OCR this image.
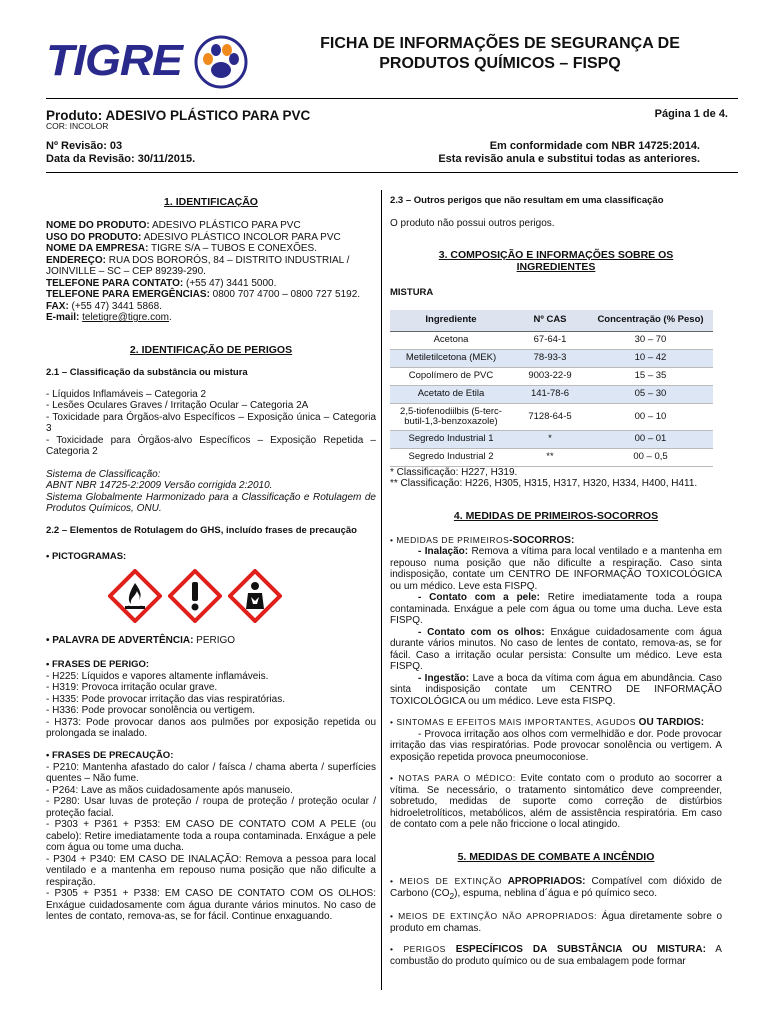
TIGRE	FICHA DE INFORMAÇÕES DE SEGURANÇA DE
PRODUTOS QUÍMICOS – FISPQ
Produto: ADESIVO PLÁSTICO PARA PVC
COR: INCOLOR
Página 1 de 4.
Nº Revisão: 03
Data da Revisão: 30/11/2015.
Em conformidade com NBR 14725:2014.
Esta revisão anula e substitui todas as anteriores.
1. IDENTIFICAÇÃO

NOME DO PRODUTO: ADESIVO PLÁSTICO PARA PVC

USO DO PRODUTO: ADESIVO PLÁSTICO INCOLOR PARA PVC

NOME DA EMPRESA: TIGRE S/A – TUBOS E CONEXÕES.

ENDEREÇO: RUA DOS BORORÓS, 84 – DISTRITO INDUSTRIAL / JOINVILLE – SC – CEP 89239-290.

TELEFONE PARA CONTATO: (+55 47) 3441 5000.

TELEFONE PARA EMERGÊNCIAS: 0800 707 4700 – 0800 727 5192.

FAX: (+55 47) 3441 5868.

E-mail: teletigre@tigre.com.

2. IDENTIFICAÇÃO DE PERIGOS
2.1 – Classificação da substância ou mistura

- Líquidos Inflamáveis – Categoria 2

- Lesões Oculares Graves / Irritação Ocular – Categoria 2A

- Toxicidade para Órgãos-alvo Específicos – Exposição única – Categoria 3

- Toxicidade para Órgãos-alvo Específicos – Exposição Repetida – Categoria 2

Sistema de Classificação:

ABNT NBR 14725-2:2009 Versão corrigida 2:2010.

Sistema Globalmente Harmonizado para a Classificação e Rotulagem de Produtos Químicos, ONU.

2.2 – Elementos de Rotulagem do GHS, incluído frases de precaução
• PICTOGRAMAS:

• PALAVRA DE ADVERTÊNCIA: PERIGO

• FRASES DE PERIGO:

- H225: Líquidos e vapores altamente inflamáveis.

- H319: Provoca irritação ocular grave.

- H335: Pode provocar irritação das vias respiratórias.

- H336: Pode provocar sonolência ou vertigem.

- H373: Pode provocar danos aos pulmões por exposição repetida ou prolongada se inalado.

• FRASES DE PRECAUÇÃO:

- P210: Mantenha afastado do calor / faísca / chama aberta / superfícies quentes – Não fume.

- P264: Lave as mãos cuidadosamente após manuseio.

- P280: Usar luvas de proteção / roupa de proteção / proteção ocular / proteção facial.

- P303 + P361 + P353: EM CASO DE CONTATO COM A PELE (ou cabelo): Retire imediatamente toda a roupa contaminada. Enxágue a pele com água ou tome uma ducha.

- P304 + P340: EM CASO DE INALAÇÃO: Remova a pessoa para local ventilado e a mantenha em repouso numa posição que não dificulte a respiração.

- P305 + P351 + P338: EM CASO DE CONTATO COM OS OLHOS: Enxágue cuidadosamente com água durante vários minutos. No caso de lentes de contato, remova-as, se for fácil. Continue enxaguando.

2.3 – Outros perigos que não resultam em uma classificação

O produto não possui outros perigos.

3. COMPOSIÇÃO E INFORMAÇÕES SOBRE OS
INGREDIENTES
MISTURA
Ingrediente	Nº CAS	Concentração (% Peso)
Acetona	67-64-1	30 – 70
Metiletilcetona (MEK)	78-93-3	10 – 42
Copolímero de PVC	9003-22-9	15 – 35
Acetato de Etila	141-78-6	05 – 30
2,5-tiofenodiilbis (5-terc-butil-1,3-benzoxazole)	7128-64-5	00 – 10
Segredo Industrial 1	*	00 – 01
Segredo Industrial 2	**	00 – 0,5

* Classificação: H227, H319.

** Classificação: H226, H305, H315, H317, H320, H334, H400, H411.

4. MEDIDAS DE PRIMEIROS-SOCORROS

• MEDIDAS DE PRIMEIROS-SOCORROS:

- Inalação: Remova a vítima para local ventilado e a mantenha em repouso numa posição que não dificulte a respiração. Caso sinta indisposição, contate um CENTRO DE INFORMAÇÃO TOXICOLÓGICA ou um médico. Leve esta FISPQ.

- Contato com a pele: Retire imediatamente toda a roupa contaminada. Enxágue a pele com água ou tome uma ducha. Leve esta FISPQ.

- Contato com os olhos: Enxágue cuidadosamente com água durante vários minutos. No caso de lentes de contato, remova-as, se for fácil. Caso a irritação ocular persista: Consulte um médico. Leve esta FISPQ.

- Ingestão: Lave a boca da vítima com água em abundância. Caso sinta indisposição contate um CENTRO DE INFORMAÇÃO TOXICOLÓGICA ou um médico. Leve esta FISPQ.

• SINTOMAS E EFEITOS MAIS IMPORTANTES, AGUDOS OU TARDIOS:

- Provoca irritação aos olhos com vermelhidão e dor. Pode provocar irritação das vias respiratórias. Pode provocar sonolência ou vertigem. A exposição repetida provoca pneumoconiose.

• NOTAS PARA O MÉDICO: Evite contato com o produto ao socorrer a vítima. Se necessário, o tratamento sintomático deve compreender, sobretudo, medidas de suporte como correção de distúrbios hidroeletrolíticos, metabólicos, além de assistência respiratória. Em caso de contato com a pele não friccione o local atingido.

5. MEDIDAS DE COMBATE A INCÊNDIO

• MEIOS DE EXTINÇÃO APROPRIADOS: Compatível com dióxido de Carbono $(CO_2)$, espuma, neblina d´água e pó químico seco.

• MEIOS DE EXTINÇÃO NÃO APROPRIADOS: Água diretamente sobre o produto em chamas.

• PERIGOS ESPECÍFICOS DA SUBSTÂNCIA OU MISTURA: A combustão do produto químico ou de sua embalagem pode formar
